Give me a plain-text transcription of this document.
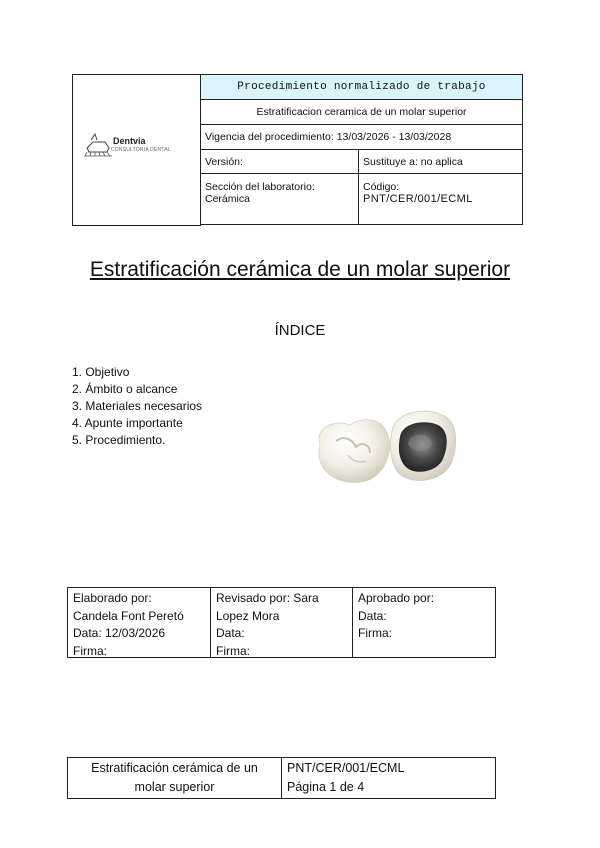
Dentvia
CONSULTORIA DENTAL
Procedimiento normalizado de trabajo
Estratificacion ceramica de un molar superior
Vigencia del procedimiento: 13/03/2026 - 13/03/2028
Versión:	Sustituye a: no aplica
Sección del laboratorio:
Cerámica
Código:
PNT/CER/001/ECML
Estratificación cerámica de un molar superior
ÍNDICE
1. Objetivo
2. Ámbito o alcance
3. Materiales necesarios
4. Apunte importante
5. Procedimiento.
Elaborado por:
Candela Font Peretó
Data: 12/03/2026
Firma:
Revisado por: Sara
Lopez Mora
Data:
Firma:
Aprobado por:
Data:
Firma:
Estratificación cerámica de un
molar superior
PNT/CER/001/ECML
Página 1 de 4
